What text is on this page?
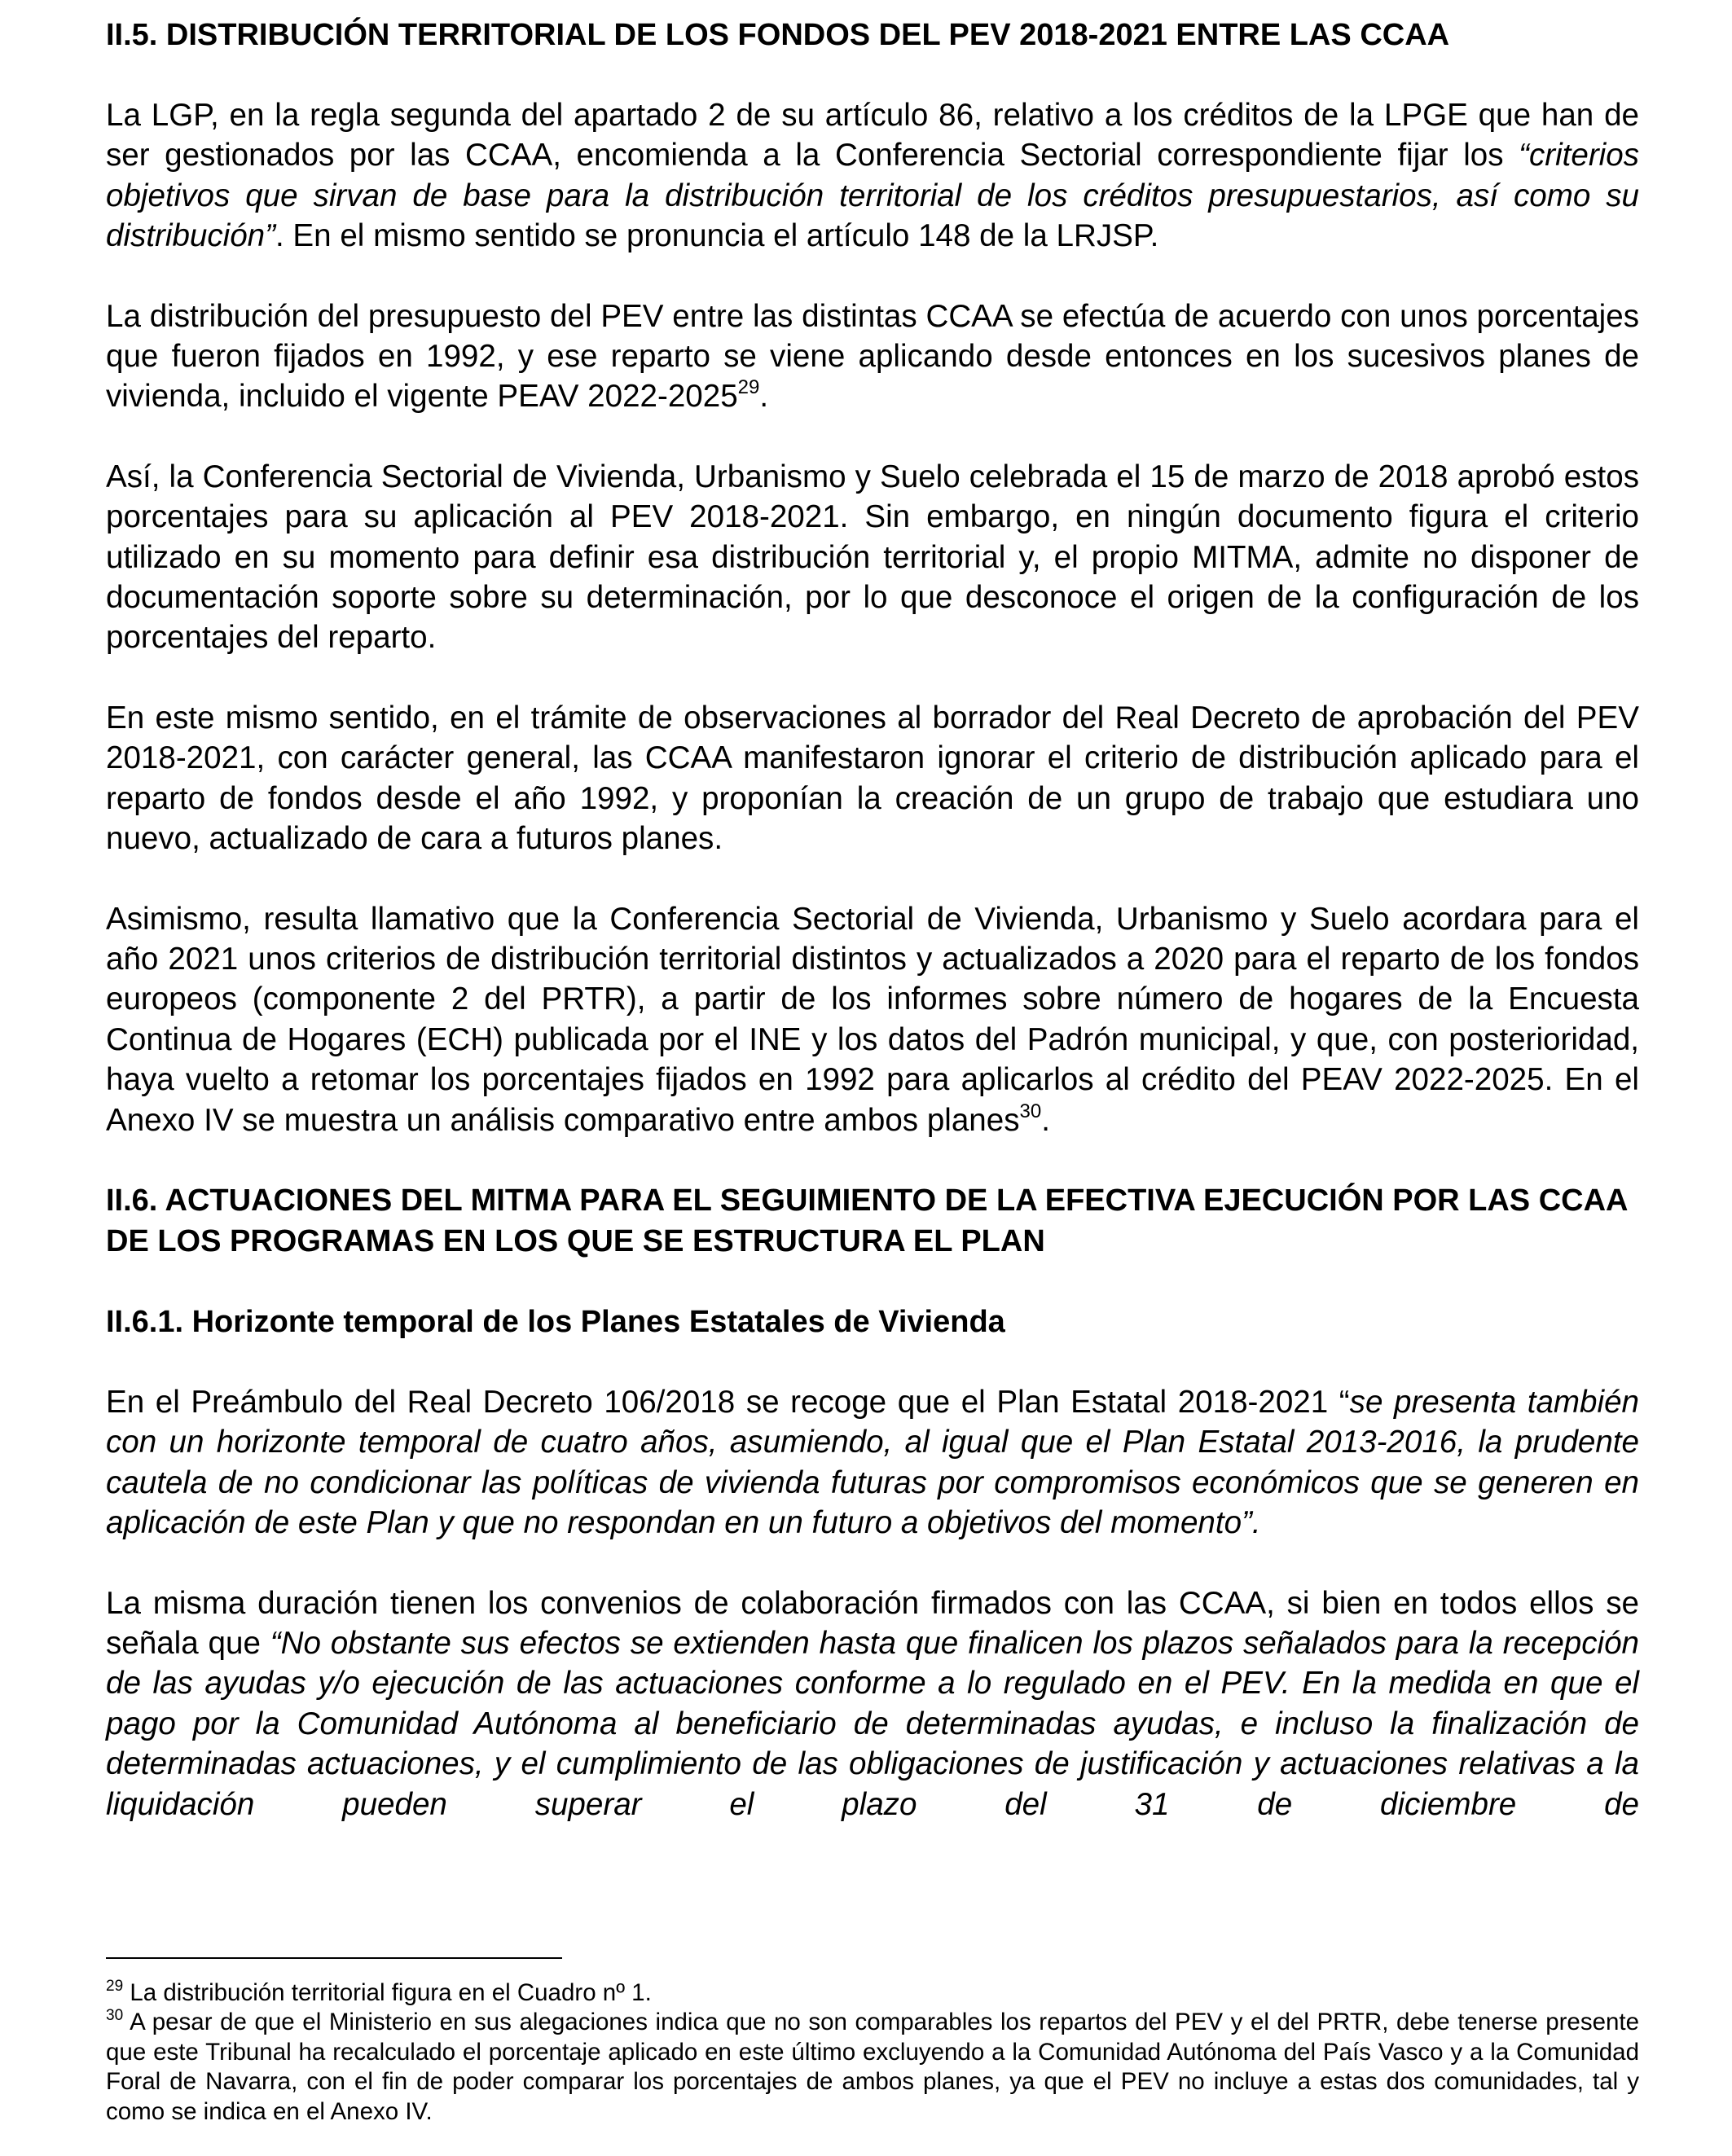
II.5. DISTRIBUCIÓN TERRITORIAL DE LOS FONDOS DEL PEV 2018-2021 ENTRE LAS CCAA

La LGP, en la regla segunda del apartado 2 de su artículo 86, relativo a los créditos de la LPGE que han de ser gestionados por las CCAA, encomienda a la Conferencia Sectorial correspondiente fijar los “criterios objetivos que sirvan de base para la distribución territorial de los créditos presupuestarios, así como su distribución”. En el mismo sentido se pronuncia el artículo 148 de la LRJSP.

La distribución del presupuesto del PEV entre las distintas CCAA se efectúa de acuerdo con unos porcentajes que fueron fijados en 1992, y ese reparto se viene aplicando desde entonces en los sucesivos planes de vivienda, incluido el vigente PEAV 2022-2025$^{29}$.

Así, la Conferencia Sectorial de Vivienda, Urbanismo y Suelo celebrada el 15 de marzo de 2018 aprobó estos porcentajes para su aplicación al PEV 2018-2021. Sin embargo, en ningún documento figura el criterio utilizado en su momento para definir esa distribución territorial y, el propio MITMA, admite no disponer de documentación soporte sobre su determinación, por lo que desconoce el origen de la configuración de los porcentajes del reparto.

En este mismo sentido, en el trámite de observaciones al borrador del Real Decreto de aprobación del PEV 2018-2021, con carácter general, las CCAA manifestaron ignorar el criterio de distribución aplicado para el reparto de fondos desde el año 1992, y proponían la creación de un grupo de trabajo que estudiara uno nuevo, actualizado de cara a futuros planes.

Asimismo, resulta llamativo que la Conferencia Sectorial de Vivienda, Urbanismo y Suelo acordara para el año 2021 unos criterios de distribución territorial distintos y actualizados a 2020 para el reparto de los fondos europeos (componente 2 del PRTR), a partir de los informes sobre número de hogares de la Encuesta Continua de Hogares (ECH) publicada por el INE y los datos del Padrón municipal, y que, con posterioridad, haya vuelto a retomar los porcentajes fijados en 1992 para aplicarlos al crédito del PEAV 2022-2025. En el Anexo IV se muestra un análisis comparativo entre ambos planes$^{30}$.

II.6. ACTUACIONES DEL MITMA PARA EL SEGUIMIENTO DE LA EFECTIVA EJECUCIÓN POR LAS CCAA DE LOS PROGRAMAS EN LOS QUE SE ESTRUCTURA EL PLAN
II.6.1. Horizonte temporal de los Planes Estatales de Vivienda

En el Preámbulo del Real Decreto 106/2018 se recoge que el Plan Estatal 2018-2021 “se presenta también con un horizonte temporal de cuatro años, asumiendo, al igual que el Plan Estatal 2013-2016, la prudente cautela de no condicionar las políticas de vivienda futuras por compromisos económicos que se generen en aplicación de este Plan y que no respondan en un futuro a objetivos del momento”.

La misma duración tienen los convenios de colaboración firmados con las CCAA, si bien en todos ellos se señala que “No obstante sus efectos se extienden hasta que finalicen los plazos señalados para la recepción de las ayudas y/o ejecución de las actuaciones conforme a lo regulado en el PEV. En la medida en que el pago por la Comunidad Autónoma al beneficiario de determinadas ayudas, e incluso la finalización de determinadas actuaciones, y el cumplimiento de las obligaciones de justificación y actuaciones relativas a la liquidación pueden superar el plazo del 31 de diciembre de

$^{29}$ La distribución territorial figura en el Cuadro nº 1.

$^{30}$ A pesar de que el Ministerio en sus alegaciones indica que no son comparables los repartos del PEV y el del PRTR, debe tenerse presente que este Tribunal ha recalculado el porcentaje aplicado en este último excluyendo a la Comunidad Autónoma del País Vasco y a la Comunidad Foral de Navarra, con el fin de poder comparar los porcentajes de ambos planes, ya que el PEV no incluye a estas dos comunidades, tal y como se indica en el Anexo IV.
